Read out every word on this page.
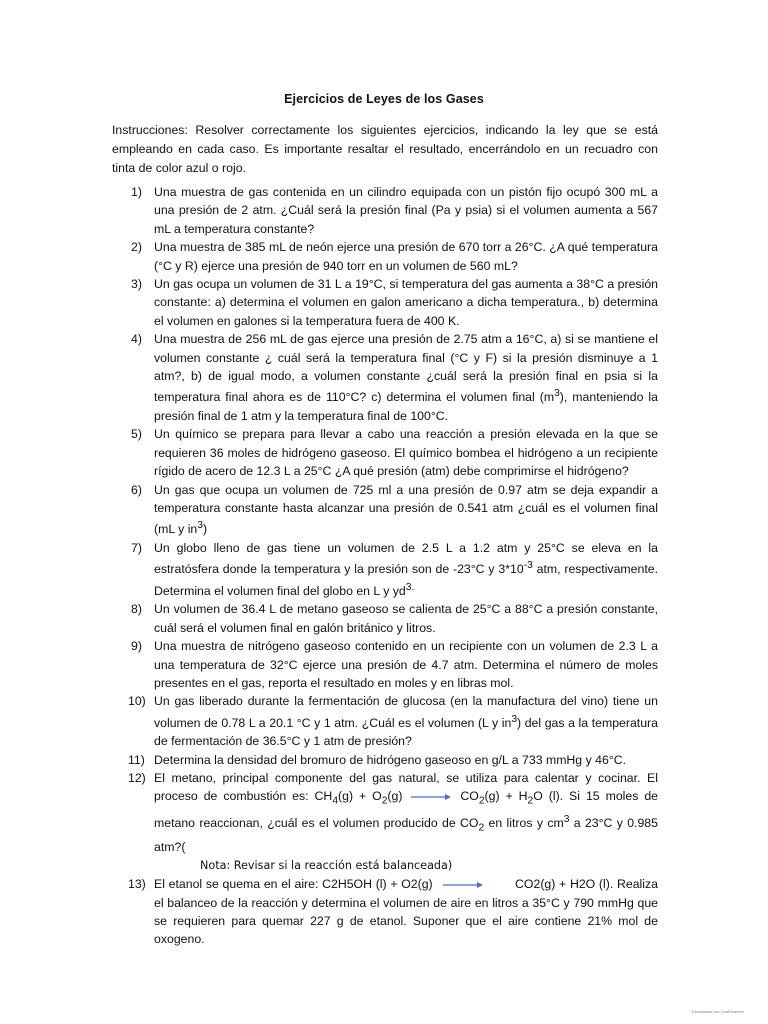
Ejercicios de Leyes de los Gases
Instrucciones: Resolver correctamente los siguientes ejercicios, indicando la ley que se está empleando en cada caso. Es importante resaltar el resultado, encerrándolo en un recuadro con tinta de color azul o rojo.
1) Una muestra de gas contenida en un cilindro equipada con un pistón fijo ocupó 300 mL a una presión de 2 atm. ¿Cuál será la presión final (Pa y psia) si el volumen aumenta a 567 mL a temperatura constante?
2) Una muestra de 385 mL de neón ejerce una presión de 670 torr a 26°C. ¿A qué temperatura (°C y R) ejerce una presión de 940 torr en un volumen de 560 mL?
3) Un gas ocupa un volumen de 31 L a 19°C, si temperatura del gas aumenta a 38°C a presión constante: a) determina el volumen en galon americano a dicha temperatura., b) determina el volumen en galones si la temperatura fuera de 400 K.
4) Una muestra de 256 mL de gas ejerce una presión de 2.75 atm a 16°C, a) si se mantiene el volumen constante ¿ cuál será la temperatura final (°C y F) si la presión disminuye a 1 atm?, b) de igual modo, a volumen constante ¿cuál será la presión final en psia si la temperatura final ahora es de 110°C? c) determina el volumen final $(m^3)$, manteniendo la presión final de 1 atm y la temperatura final de 100°C.
5) Un químico se prepara para llevar a cabo una reacción a presión elevada en la que se requieren 36 moles de hidrógeno gaseoso. El químico bombea el hidrógeno a un recipiente rígido de acero de 12.3 L a 25°C ¿A qué presión (atm) debe comprimirse el hidrógeno?
6) Un gas que ocupa un volumen de 725 ml a una presión de 0.97 atm se deja expandir a temperatura constante hasta alcanzar una presión de 0.541 atm ¿cuál es el volumen final (mL y $in^3$)
7) Un globo lleno de gas tiene un volumen de 2.5 L a 1.2 atm y 25°C se eleva en la estratósfera donde la temperatura y la presión son de -23°C y $3*10^{-3}$ atm, respectivamente. Determina el volumen final del globo en L y $yd^{3.}$
8) Un volumen de 36.4 L de metano gaseoso se calienta de 25°C a 88°C a presión constante, cuál será el volumen final en galón británico y litros.
9) Una muestra de nitrógeno gaseoso contenido en un recipiente con un volumen de 2.3 L a una temperatura de 32°C ejerce una presión de 4.7 atm. Determina el número de moles presentes en el gas, reporta el resultado en moles y en libras mol.
10) Un gas liberado durante la fermentación de glucosa (en la manufactura del vino) tiene un volumen de 0.78 L a 20.1 °C y 1 atm. ¿Cuál es el volumen (L y $in^3$) del gas a la temperatura de fermentación de 36.5°C y 1 atm de presión?
11) Determina la densidad del bromuro de hidrógeno gaseoso en g/L a 733 mmHg y 46°C.
12) El metano, principal componente del gas natural, se utiliza para calentar y cocinar. El proceso de combustión es: $CH_4(g) + O_2(g) \to CO_2(g) + H_2O$ (l). Si 15 moles de metano reaccionan, ¿cuál es el volumen producido de $CO_2$ en litros y $cm^3$ a 23°C y 0.985 atm?(
Nota: Revisar si la reacción está balanceada)
13) El etanol se quema en el aire: C2H5OH (l) + O2(g) → CO2(g) + H2O (l). Realiza el balanceo de la reacción y determina el volumen de aire en litros a 35°C y 790 mmHg que se requieren para quemar 227 g de etanol. Suponer que el aire contiene 21% mol de oxogeno.
Escaneado con CamScanner
